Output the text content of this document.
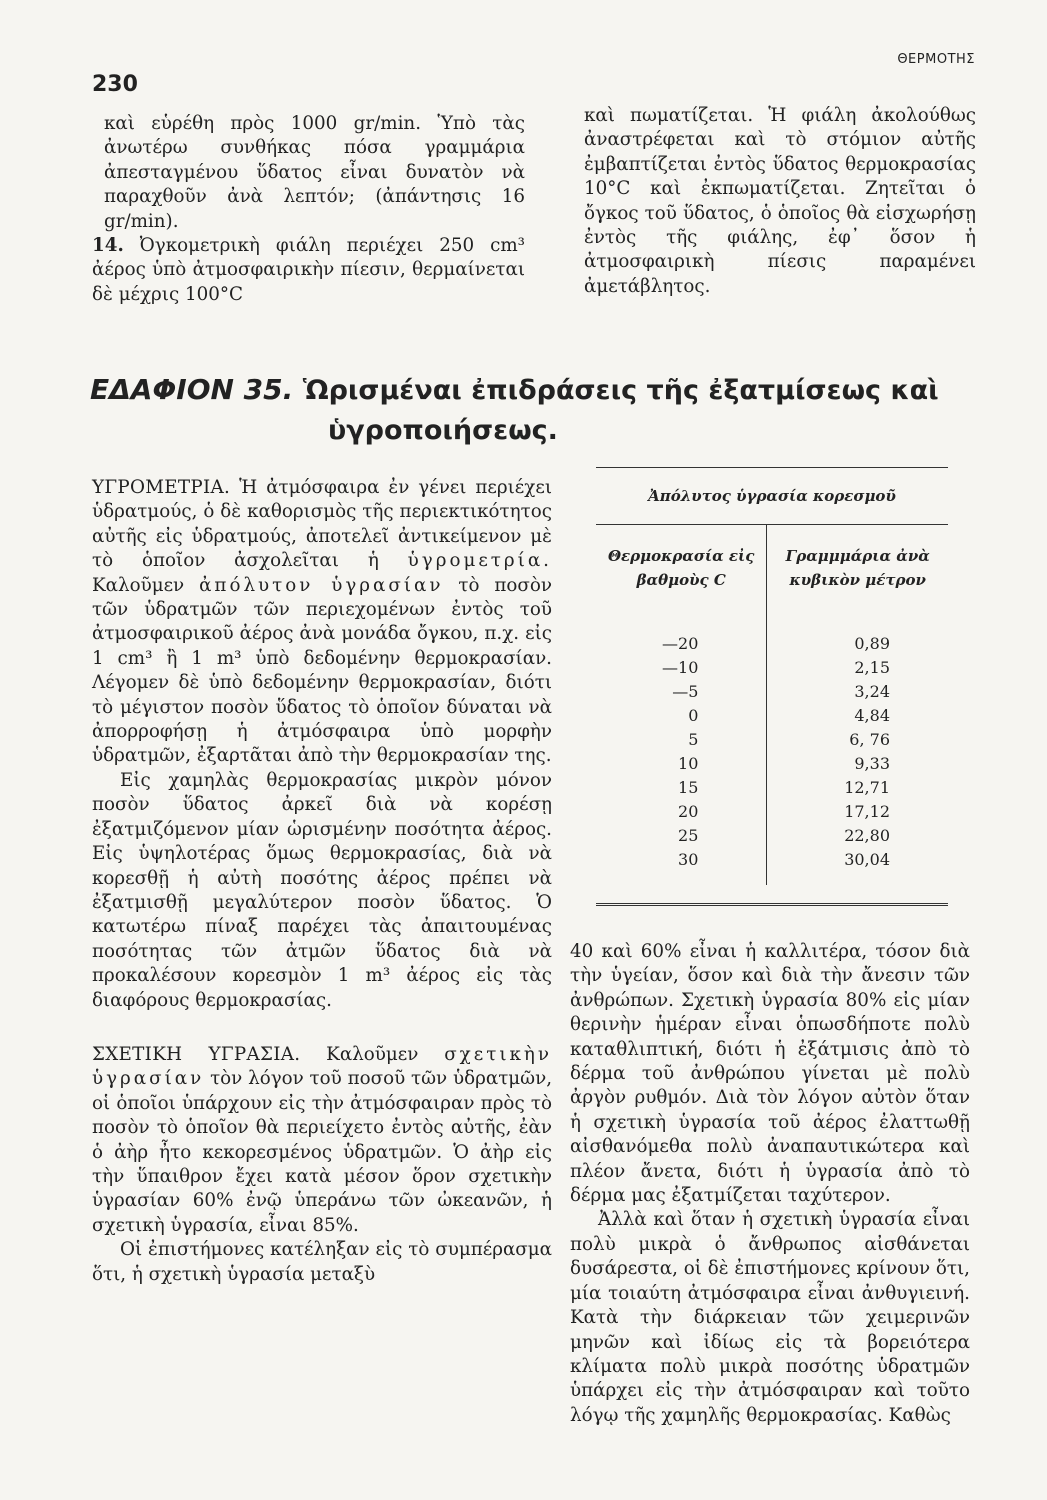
230
ΘΕΡΜΟΤΗΣ

καὶ εὑρέθη πρὸς 1000 gr/min. Ὑπὸ τὰς ἀνωτέρω συνθήκας πόσα γραμμάρια ἀπεσταγμένου ὕδατος εἶναι δυνατὸν νὰ παραχθοῦν ἀνὰ λεπτόν; (ἀπάντησις 16 gr/min).

14. Ὀγκομετρικὴ φιάλη περιέχει 250 cm³ ἀέρος ὑπὸ ἀτμοσφαιρικὴν πίεσιν, θερμαίνεται δὲ μέχρις 100°C

καὶ πωματίζεται. Ἡ φιάλη ἀκολούθως ἀναστρέφεται καὶ τὸ στόμιον αὐτῆς ἐμβαπτίζεται ἐντὸς ὕδατος θερμοκρασίας 10°C καὶ ἐκπωματίζεται. Ζητεῖται ὁ ὄγκος τοῦ ὕδατος, ὁ ὁποῖος θὰ εἰσχωρήσῃ ἐντὸς τῆς φιάλης, ἐφ᾽ ὅσον ἡ ἀτμοσφαιρικὴ πίεσις παραμένει ἀμετάβλητος.

ΕΔΑΦΙΟΝ 35. Ὡρισμέναι ἐπιδράσεις τῆς ἐξατμίσεως καὶ
ὑγροποιήσεως.

ΥΓΡΟΜΕΤΡΙΑ. Ἡ ἀτμόσφαιρα ἐν γένει περιέχει ὑδρατμούς, ὁ δὲ καθορισμὸς τῆς περιεκτικότητος αὐτῆς εἰς ὑδρατμούς, ἀποτελεῖ ἀντικείμενον μὲ τὸ ὁποῖον ἀσχολεῖται ἡ ὑγρομετρία. Καλοῦμεν ἀπόλυτον ὑγρασίαν τὸ ποσὸν τῶν ὑδρατμῶν τῶν περιεχομένων ἐντὸς τοῦ ἀτμοσφαιρικοῦ ἀέρος ἀνὰ μονάδα ὄγκου, π.χ. εἰς 1 cm³ ἢ 1 m³ ὑπὸ δεδομένην θερμοκρασίαν. Λέγομεν δὲ ὑπὸ δεδομένην θερμοκρασίαν, διότι τὸ μέγιστον ποσὸν ὕδατος τὸ ὁποῖον δύναται νὰ ἀπορροφήσῃ ἡ ἀτμόσφαιρα ὑπὸ μορφὴν ὑδρατμῶν, ἐξαρτᾶται ἀπὸ τὴν θερμοκρασίαν της.

Εἰς χαμηλὰς θερμοκρασίας μικρὸν μόνον ποσὸν ὕδατος ἀρκεῖ διὰ νὰ κορέσῃ ἐξατμιζόμενον μίαν ὡρισμένην ποσότητα ἀέρος. Εἰς ὑψηλοτέρας ὅμως θερμοκρασίας, διὰ νὰ κορεσθῇ ἡ αὐτὴ ποσότης ἀέρος πρέπει νὰ ἐξατμισθῇ μεγαλύτερον ποσὸν ὕδατος. Ὁ κατωτέρω πίναξ παρέχει τὰς ἀπαιτουμένας ποσότητας τῶν ἀτμῶν ὕδατος διὰ νὰ προκαλέσουν κορεσμὸν 1 m³ ἀέρος εἰς τὰς διαφόρους θερμοκρασίας.

ΣΧΕΤΙΚΗ ΥΓΡΑΣΙΑ. Καλοῦμεν σχετικὴν ὑγρασίαν τὸν λόγον τοῦ ποσοῦ τῶν ὑδρατμῶν, οἱ ὁποῖοι ὑπάρχουν εἰς τὴν ἀτμόσφαιραν πρὸς τὸ ποσὸν τὸ ὁποῖον θὰ περιείχετο ἐντὸς αὐτῆς, ἐὰν ὁ ἀὴρ ἦτο κεκορεσμένος ὑδρατμῶν. Ὁ ἀὴρ εἰς τὴν ὕπαιθρον ἔχει κατὰ μέσον ὅρον σχετικὴν ὑγρασίαν 60% ἐνῷ ὑπεράνω τῶν ὠκεανῶν, ἡ σχετικὴ ὑγρασία, εἶναι 85%.

Οἱ ἐπιστήμονες κατέληξαν εἰς τὸ συμπέρασμα ὅτι, ἡ σχετικὴ ὑγρασία μεταξὺ

Ἀπόλυτος ὑγρασία κορεσμοῦ	
Θερμοκρασία εἰς βαθμοὺς C	Γραμμμάρια ἀνὰ κυβικὸν μέτρον

—20	0,89
—10	2,15
—5	3,24
0	4,84
5	6, 76
10	9,33
15	12,71
20	17,12
25	22,80
30	30,04

40 καὶ 60% εἶναι ἡ καλλιτέρα, τόσον διὰ τὴν ὑγείαν, ὅσον καὶ διὰ τὴν ἄνεσιν τῶν ἀνθρώπων. Σχετικὴ ὑγρασία 80% εἰς μίαν θερινὴν ἡμέραν εἶναι ὁπωσδήποτε πολὺ καταθλιπτική, διότι ἡ ἐξάτμισις ἀπὸ τὸ δέρμα τοῦ ἀνθρώπου γίνεται μὲ πολὺ ἀργὸν ρυθμόν. Διὰ τὸν λόγον αὐτὸν ὅταν ἡ σχετικὴ ὑγρασία τοῦ ἀέρος ἐλαττωθῇ αἰσθανόμεθα πολὺ ἀναπαυτικώτερα καὶ πλέον ἄνετα, διότι ἡ ὑγρασία ἀπὸ τὸ δέρμα μας ἐξατμίζεται ταχύτερον.

Ἀλλὰ καὶ ὅταν ἡ σχετικὴ ὑγρασία εἶναι πολὺ μικρὰ ὁ ἄνθρωπος αἰσθάνεται δυσάρεστα, οἱ δὲ ἐπιστήμονες κρίνουν ὅτι, μία τοιαύτη ἀτμόσφαιρα εἶναι ἀνθυγιεινή. Κατὰ τὴν διάρκειαν τῶν χειμερινῶν μηνῶν καὶ ἰδίως εἰς τὰ βορειότερα κλίματα πολὺ μικρὰ ποσότης ὑδρατμῶν ὑπάρχει εἰς τὴν ἀτμόσφαιραν καὶ τοῦτο λόγῳ τῆς χαμηλῆς θερμοκρασίας. Καθὼς
